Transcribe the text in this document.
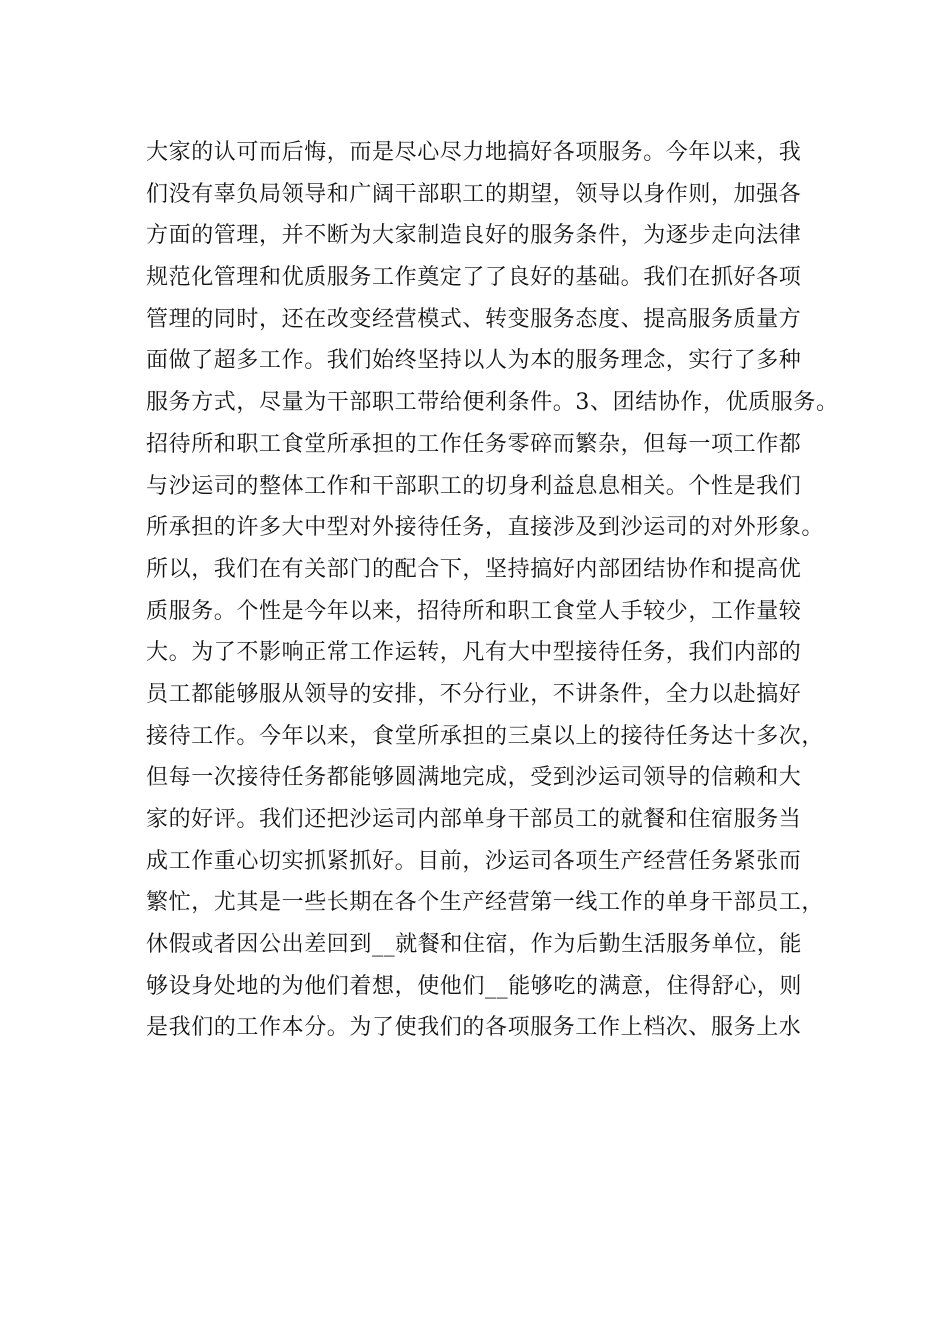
大家的认可而后悔，而是尽心尽力地搞好各项服务。今年以来，我
们没有辜负局领导和广阔干部职工的期望，领导以身作则，加强各
方面的管理，并不断为大家制造良好的服务条件，为逐步走向法律
规范化管理和优质服务工作奠定了了良好的基础。我们在抓好各项
管理的同时，还在改变经营模式、转变服务态度、提高服务质量方
面做了超多工作。我们始终坚持以人为本的服务理念，实行了多种
服务方式，尽量为干部职工带给便利条件。3、团结协作，优质服务。
招待所和职工食堂所承担的工作任务零碎而繁杂，但每一项工作都
与沙运司的整体工作和干部职工的切身利益息息相关。个性是我们
所承担的许多大中型对外接待任务，直接涉及到沙运司的对外形象。
所以，我们在有关部门的配合下，坚持搞好内部团结协作和提高优
质服务。个性是今年以来，招待所和职工食堂人手较少，工作量较
大。为了不影响正常工作运转，凡有大中型接待任务，我们内部的
员工都能够服从领导的安排，不分行业，不讲条件，全力以赴搞好
接待工作。今年以来，食堂所承担的三桌以上的接待任务达十多次，
但每一次接待任务都能够圆满地完成，受到沙运司领导的信赖和大
家的好评。我们还把沙运司内部单身干部员工的就餐和住宿服务当
成工作重心切实抓紧抓好。目前，沙运司各项生产经营任务紧张而
繁忙，尤其是一些长期在各个生产经营第一线工作的单身干部员工，
休假或者因公出差回到__就餐和住宿，作为后勤生活服务单位，能
够设身处地的为他们着想，使他们__能够吃的满意，住得舒心，则
是我们的工作本分。为了使我们的各项服务工作上档次、服务上水
